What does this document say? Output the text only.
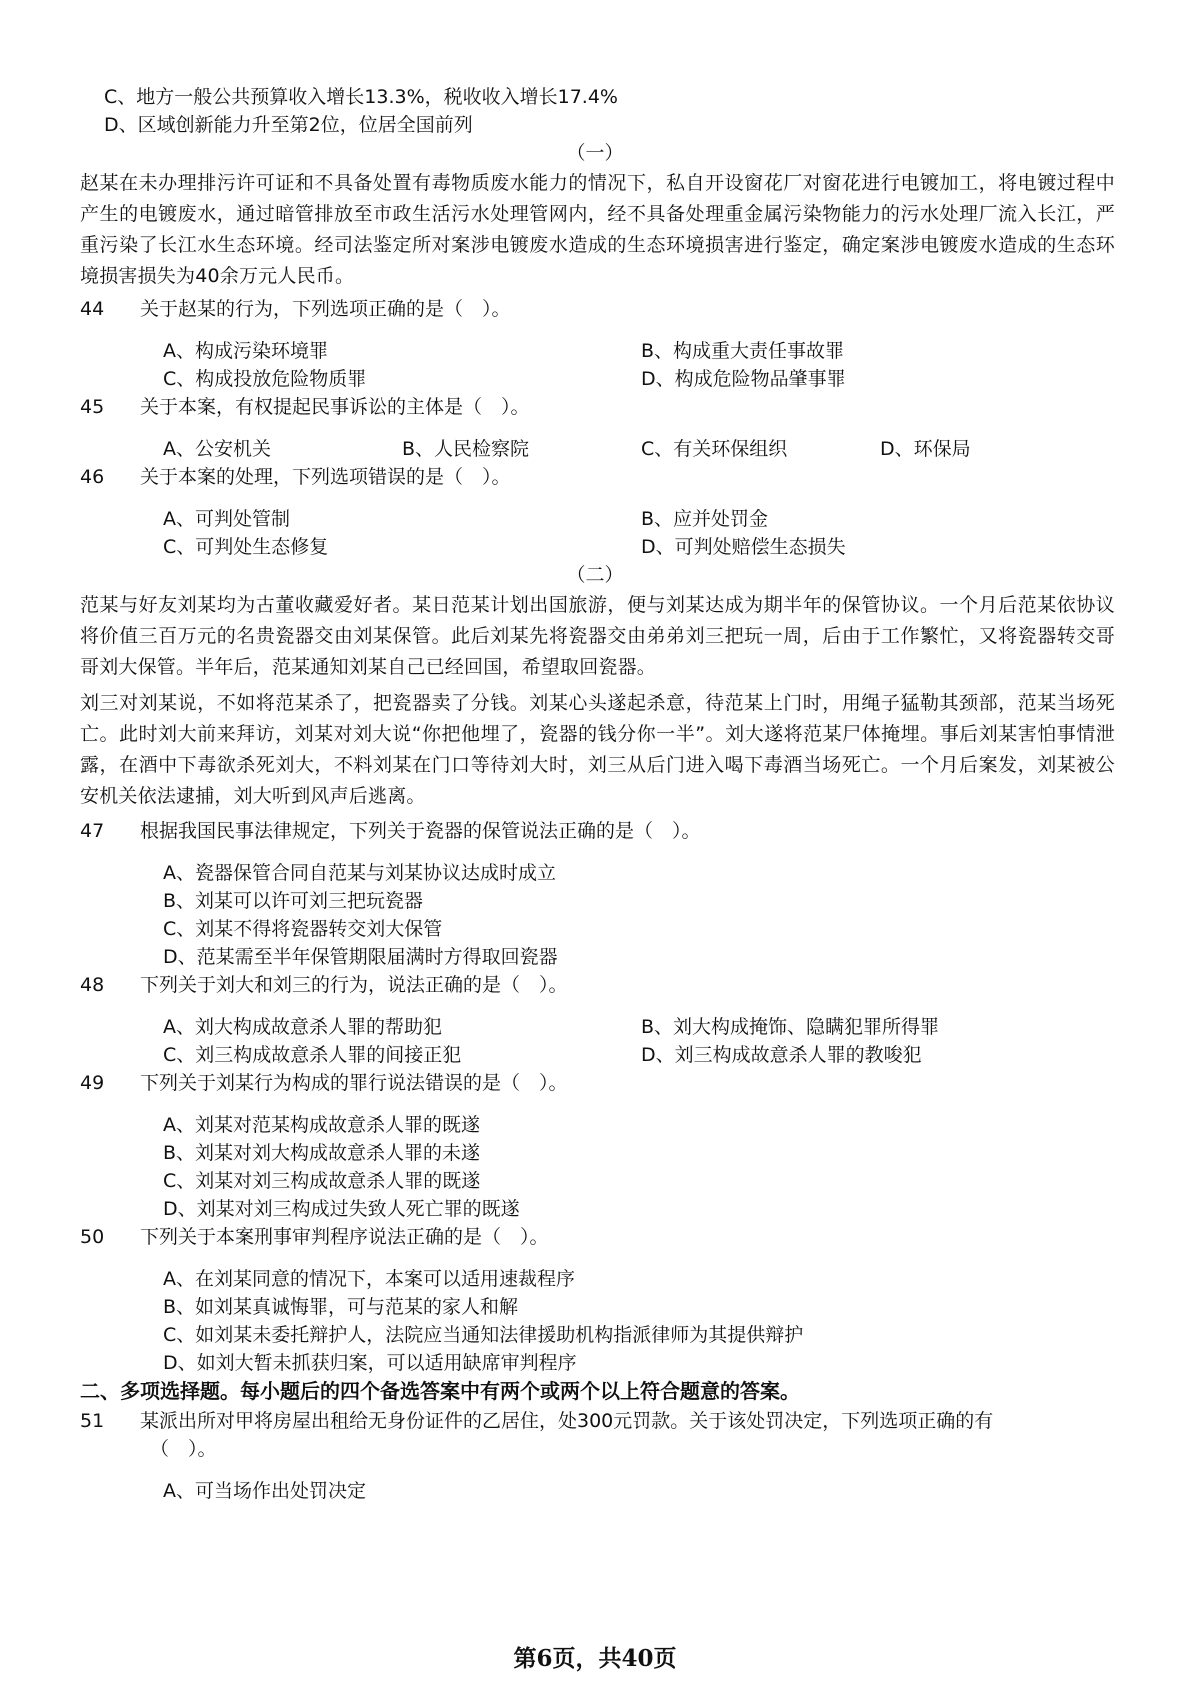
C、地方一般公共预算收入增长13.3%，税收收入增长17.4%
D、区域创新能力升至第2位，位居全国前列
（一）
赵某在未办理排污许可证和不具备处置有毒物质废水能力的情况下，私自开设窗花厂对窗花进行电镀加工，将电镀过程中产生的电镀废水，通过暗管排放至市政生活污水处理管网内，经不具备处理重金属污染物能力的污水处理厂流入长江，严重污染了长江水生态环境。经司法鉴定所对案涉电镀废水造成的生态环境损害进行鉴定，确定案涉电镀废水造成的生态环境损害损失为40余万元人民币。
44 关于赵某的行为，下列选项正确的是（　）。
A、构成污染环境罪	B、构成重大责任事故罪
C、构成投放危险物质罪	D、构成危险物品肇事罪
45 关于本案，有权提起民事诉讼的主体是（　）。
A、公安机关	B、人民检察院	C、有关环保组织	D、环保局
46 关于本案的处理，下列选项错误的是（　）。
A、可判处管制	B、应并处罚金
C、可判处生态修复	D、可判处赔偿生态损失
（二）
范某与好友刘某均为古董收藏爱好者。某日范某计划出国旅游，便与刘某达成为期半年的保管协议。一个月后范某依协议将价值三百万元的名贵瓷器交由刘某保管。此后刘某先将瓷器交由弟弟刘三把玩一周，后由于工作繁忙，又将瓷器转交哥哥刘大保管。半年后，范某通知刘某自己已经回国，希望取回瓷器。
刘三对刘某说，不如将范某杀了，把瓷器卖了分钱。刘某心头遂起杀意，待范某上门时，用绳子猛勒其颈部，范某当场死亡。此时刘大前来拜访，刘某对刘大说“你把他埋了，瓷器的钱分你一半”。刘大遂将范某尸体掩埋。事后刘某害怕事情泄露，在酒中下毒欲杀死刘大，不料刘某在门口等待刘大时，刘三从后门进入喝下毒酒当场死亡。一个月后案发，刘某被公安机关依法逮捕，刘大听到风声后逃离。
47 根据我国民事法律规定，下列关于瓷器的保管说法正确的是（　）。
A、瓷器保管合同自范某与刘某协议达成时成立
B、刘某可以许可刘三把玩瓷器
C、刘某不得将瓷器转交刘大保管
D、范某需至半年保管期限届满时方得取回瓷器
48 下列关于刘大和刘三的行为，说法正确的是（　）。
A、刘大构成故意杀人罪的帮助犯	B、刘大构成掩饰、隐瞒犯罪所得罪
C、刘三构成故意杀人罪的间接正犯	D、刘三构成故意杀人罪的教唆犯
49 下列关于刘某行为构成的罪行说法错误的是（　）。
A、刘某对范某构成故意杀人罪的既遂
B、刘某对刘大构成故意杀人罪的未遂
C、刘某对刘三构成故意杀人罪的既遂
D、刘某对刘三构成过失致人死亡罪的既遂
50 下列关于本案刑事审判程序说法正确的是（　）。
A、在刘某同意的情况下，本案可以适用速裁程序
B、如刘某真诚悔罪，可与范某的家人和解
C、如刘某未委托辩护人，法院应当通知法律援助机构指派律师为其提供辩护
D、如刘大暂未抓获归案，可以适用缺席审判程序
二、多项选择题。每小题后的四个备选答案中有两个或两个以上符合题意的答案。
51 某派出所对甲将房屋出租给无身份证件的乙居住，处300元罚款。关于该处罚决定，下列选项正确的有
（　）。
A、可当场作出处罚决定
第6页，共40页
